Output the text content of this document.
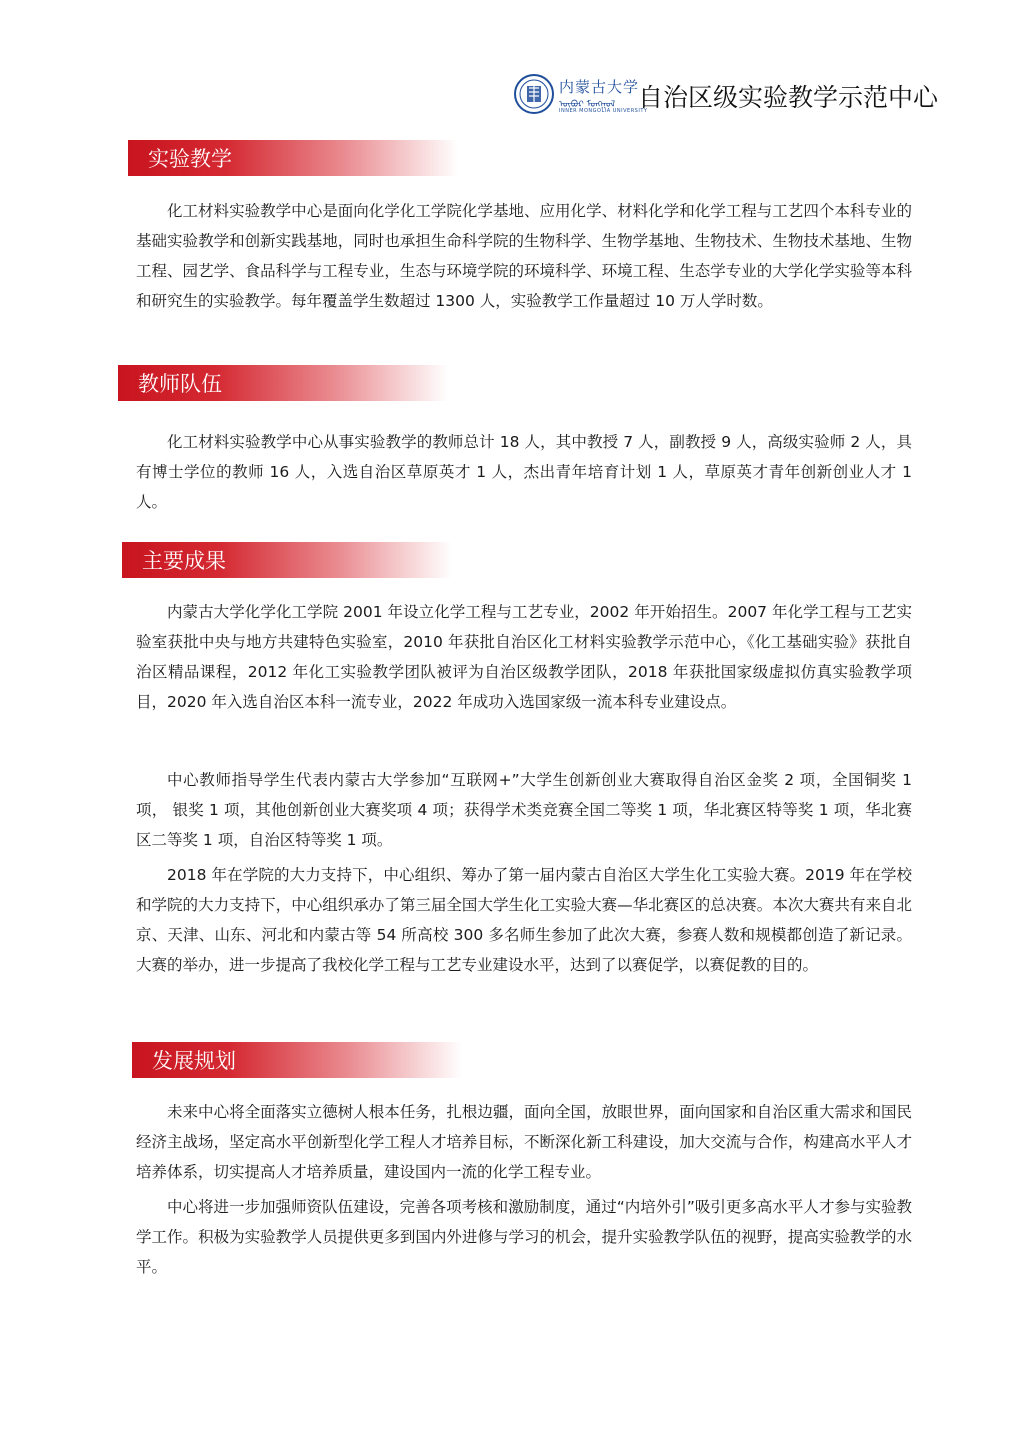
内蒙古大学
ᠥᠪᠦᠷ ᠮᠣᠩᠭᠣᠯ
INNER MONGOLIA UNIVERSITY
自治区级实验教学示范中心
实验教学
化工材料实验教学中心是面向化学化工学院化学基地、应用化学、材料化学和化学工程与工艺四个本科专业的基础实验教学和创新实践基地，同时也承担生命科学院的生物科学、生物学基地、生物技术、生物技术基地、生物工程、园艺学、食品科学与工程专业，生态与环境学院的环境科学、环境工程、生态学专业的大学化学实验等本科和研究生的实验教学。每年覆盖学生数超过 1300 人，实验教学工作量超过 10 万人学时数。
教师队伍
化工材料实验教学中心从事实验教学的教师总计 18 人，其中教授 7 人，副教授 9 人，高级实验师 2 人，具有博士学位的教师 16 人，入选自治区草原英才 1 人，杰出青年培育计划 1 人，草原英才青年创新创业人才 1 人。
主要成果
内蒙古大学化学化工学院 2001 年设立化学工程与工艺专业，2002 年开始招生。2007 年化学工程与工艺实验室获批中央与地方共建特色实验室，2010 年获批自治区化工材料实验教学示范中心，《化工基础实验》获批自治区精品课程，2012 年化工实验教学团队被评为自治区级教学团队，2018 年获批国家级虚拟仿真实验教学项目，2020 年入选自治区本科一流专业，2022 年成功入选国家级一流本科专业建设点。
中心教师指导学生代表内蒙古大学参加“互联网+”大学生创新创业大赛取得自治区金奖 2 项，全国铜奖 1 项， 银奖 1 项，其他创新创业大赛奖项 4 项；获得学术类竞赛全国二等奖 1 项，华北赛区特等奖 1 项，华北赛区二等奖 1 项，自治区特等奖 1 项。
2018 年在学院的大力支持下，中心组织、筹办了第一届内蒙古自治区大学生化工实验大赛。2019 年在学校和学院的大力支持下，中心组织承办了第三届全国大学生化工实验大赛—华北赛区的总决赛。本次大赛共有来自北京、天津、山东、河北和内蒙古等 54 所高校 300 多名师生参加了此次大赛，参赛人数和规模都创造了新记录。大赛的举办，进一步提高了我校化学工程与工艺专业建设水平，达到了以赛促学，以赛促教的目的。
发展规划
未来中心将全面落实立德树人根本任务，扎根边疆，面向全国，放眼世界，面向国家和自治区重大需求和国民经济主战场，坚定高水平创新型化学工程人才培养目标，不断深化新工科建设，加大交流与合作，构建高水平人才培养体系，切实提高人才培养质量，建设国内一流的化学工程专业。
中心将进一步加强师资队伍建设，完善各项考核和激励制度，通过“内培外引”吸引更多高水平人才参与实验教学工作。积极为实验教学人员提供更多到国内外进修与学习的机会，提升实验教学队伍的视野，提高实验教学的水平。
